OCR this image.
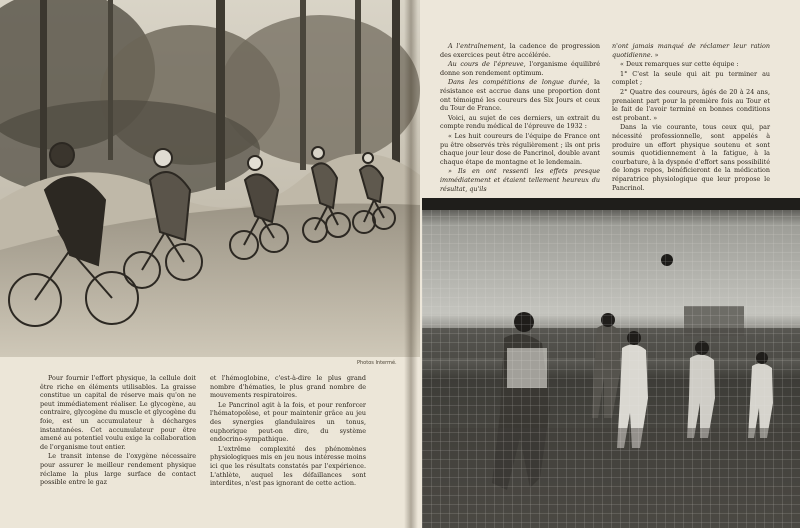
Photos Intermé.

Pour fournir l'effort physique, la cellule doit être riche en éléments utilisables. La graisse constitue un capital de réserve mais qu'on ne peut immédiatement réaliser. Le glycogène, au contraire, glycogène du muscle et glycogène du foie, est un accumulateur à décharges instantanées. Cet accumulateur pour être amené au potentiel voulu exige la collaboration de l'organisme tout entier.

Le transit intense de l'oxygène nécessaire pour assurer le meilleur rendement physique réclame la plus large surface de contact possible entre le gaz

et l'hémoglobine, c'est-à-dire le plus grand nombre d'hématies, le plus grand nombre de mouvements respiratoires.

Le Pancrinol agit à la fois, et pour renforcer l'hématopoïèse, et pour maintenir grâce au jeu des synergies glandulaires un tonus, euphorique peut-on dire, du système endocrino-sympathique.

L'extrême complexité des phénomènes physiologiques mis en jeu nous intéresse moins ici que les résultats constatés par l'expérience. L'athlète, auquel les défaillances sont interdites, n'est pas ignorant de cette action.

A l'entraînement, la cadence de progression des exercices peut être accélérée.

Au cours de l'épreuve, l'organisme équilibré donne son rendement optimum.

Dans les compétitions de longue durée, la résistance est accrue dans une proportion dont ont témoigné les coureurs des Six Jours et ceux du Tour de France.

Voici, au sujet de ces derniers, un extrait du compte rendu médical de l'épreuve de 1932 :

« Les huit coureurs de l'équipe de France ont pu être observés très régulièrement ; ils ont pris chaque jour leur dose de Pancrinol, double avant chaque étape de montagne et le lendemain.

» Ils en ont ressenti les effets presque immédiatement et étaient tellement heureux du résultat, qu'ils

n'ont jamais manqué de réclamer leur ration quotidienne. »

« Deux remarques sur cette équipe :

1° C'est la seule qui ait pu terminer au complet ;

2° Quatre des coureurs, âgés de 20 à 24 ans, prenaient part pour la première fois au Tour et le fait de l'avoir terminé en bonnes conditions est probant. »

Dans la vie courante, tous ceux qui, par nécessité professionnelle, sont appelés à produire un effort physique soutenu et sont soumis quotidiennement à la fatigue, à la courbature, à la dyspnée d'effort sans possibilité de longs repos, bénéficieront de la médication réparatrice physiologique que leur propose le Pancrinol.
